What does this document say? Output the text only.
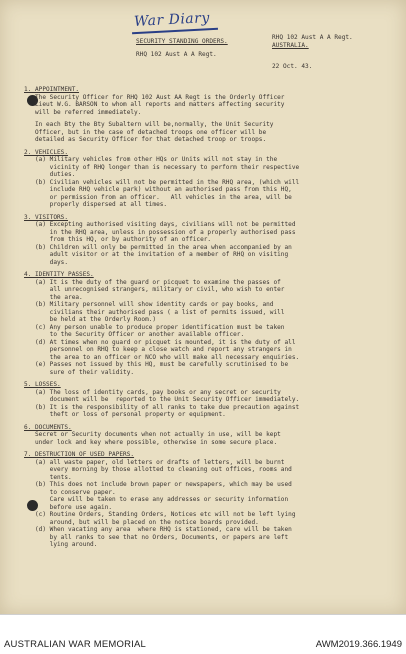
War Diary
SECURITY STANDING ORDERS.
RHQ 102 Aust A A Regt.
RHQ 102 Aust A A Regt.
AUSTRALIA.
22 Oct. 43.
1. APPOINTMENT.
The Security Officer for RHQ 102 Aust AA Regt is the Orderly Officer
Lieut W.G. BARSON to whom all reports and matters affecting security
will be referred immediately.
In each Bty the Bty Subaltern will be,normally, the Unit Security
Officer, but in the case of detached troops one officer will be
detailed as Security Officer for that detached troop or troops.
2. VEHICLES.
(a) Military vehicles from other HQs or Units will not stay in the
vicinity of RHQ longer than is necessary to perform their respective
duties.
(b) Civilian vehicles will not be permitted in the RHQ area, (which will
include RHQ vehicle park) without an authorised pass from this HQ,
or permission from an officer.   All vehicles in the area, will be
properly dispersed at all times.
3. VISITORS.
(a) Excepting authorised visiting days, civilians will not be permitted
in the RHQ area, unless in possession of a properly authorised pass
from this HQ, or by authority of an officer.
(b) Children will only be permitted in the area when accompanied by an
adult visitor or at the invitation of a member of RHQ on visiting
days.
4. IDENTITY PASSES.
(a) It is the duty of the guard or picquet to examine the passes of
all unrecognised strangers, military or civil, who wish to enter
the area.
(b) Military personnel will show identity cards or pay books, and
civilians their authorised pass ( a list of permits issued, will
be held at the Orderly Room.)
(c) Any person unable to produce proper identification must be taken
to the Security Officer or another available officer.
(d) At times when no guard or picquet is mounted, it is the duty of all
personnel on RHQ to keep a close watch and report any strangers in
the area to an officer or NCO who will make all necessary enquiries.
(e) Passes not issued by this HQ, must be carefully scrutinised to be
sure of their validity.
5. LOSSES.
(a) The loss of identity cards, pay books or any secret or security
document will be  reported to the Unit Security Officer immediately.
(b) It is the responsibility of all ranks to take due precaution against
theft or loss of personal property or equipment.
6. DOCUMENTS.
Secret or Security documents when not actually in use, will be kept
under lock and key where possible, otherwise in some secure place.
7. DESTRUCTION OF USED PAPERS.
(a) all waste paper, old letters or drafts of letters, will be burnt
every morning by those allotted to cleaning out offices, rooms and
tents.
(b) This does not include brown paper or newspapers, which may be used
to conserve paper.
Care will be taken to erase any addresses or security information
before use again.
(c) Routine Orders, Standing Orders, Notices etc will not be left lying
around, but will be placed on the notice boards provided.
(d) When vacating any area  where RHQ is stationed, care will be taken
by all ranks to see that no Orders, Documents, or papers are left
lying around.
AUSTRALIAN WAR MEMORIAL	AWM2019.366.1949
